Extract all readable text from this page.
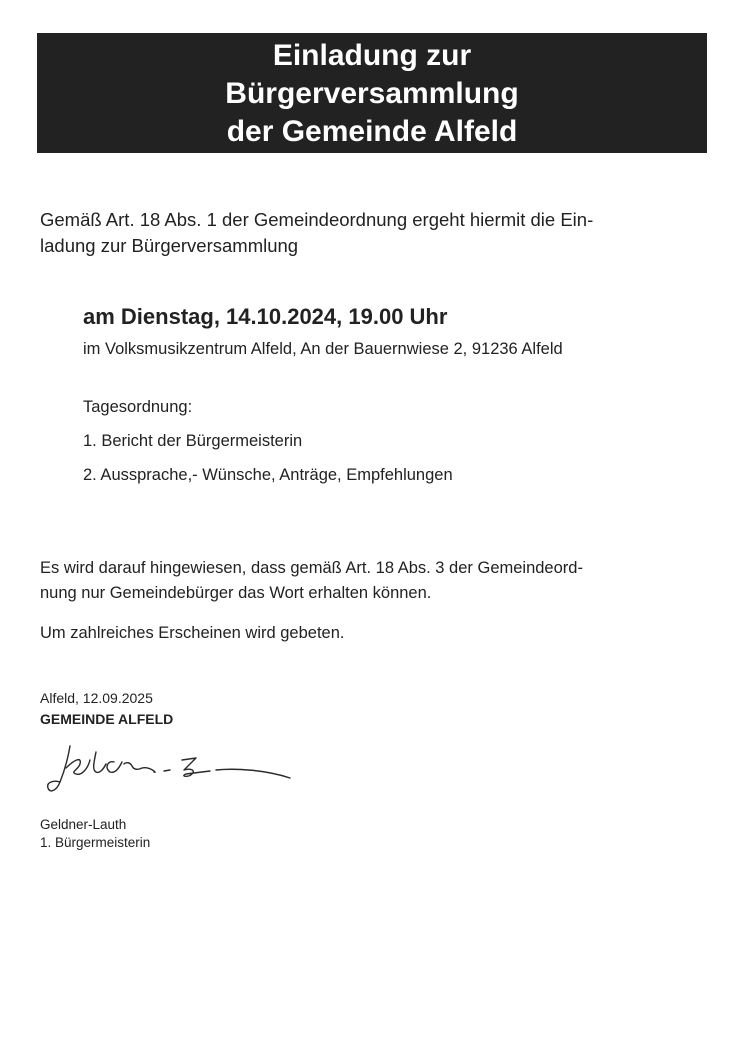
Einladung zur
Bürgerversammlung
der Gemeinde Alfeld
Gemäß Art. 18 Abs. 1 der Gemeindeordnung ergeht hiermit die Ein-
ladung zur Bürgerversammlung
am Dienstag, 14.10.2024, 19.00 Uhr
im Volksmusikzentrum Alfeld, An der Bauernwiese 2, 91236 Alfeld
Tagesordnung:
1. Bericht der Bürgermeisterin
2. Aussprache,- Wünsche, Anträge, Empfehlungen
Es wird darauf hingewiesen, dass gemäß Art. 18 Abs. 3 der Gemeindeord-
nung nur Gemeindebürger das Wort erhalten können.
Um zahlreiches Erscheinen wird gebeten.
Alfeld, 12.09.2025
GEMEINDE ALFELD
Geldner-Lauth
1. Bürgermeisterin
